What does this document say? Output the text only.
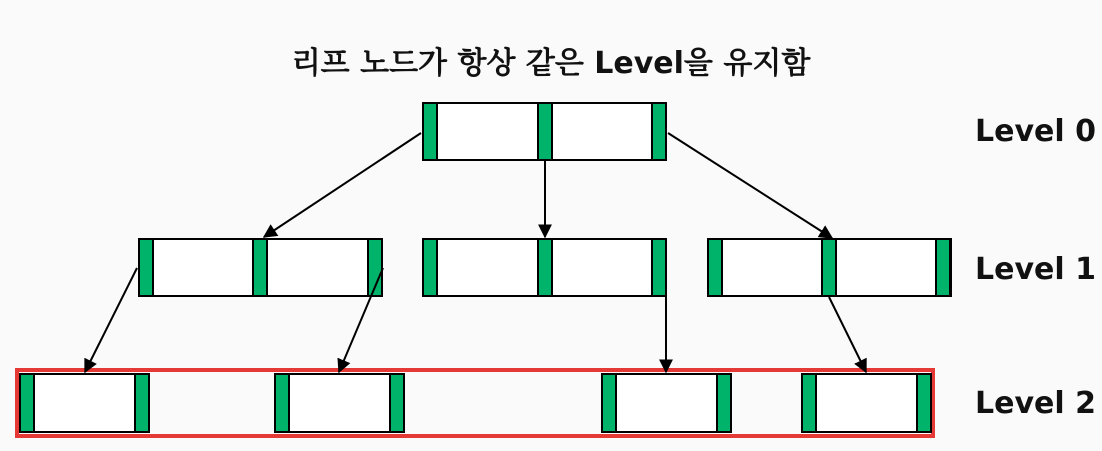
리프 노드가 항상 같은 Level을 유지함
Level 0
Level 1
Level 2
